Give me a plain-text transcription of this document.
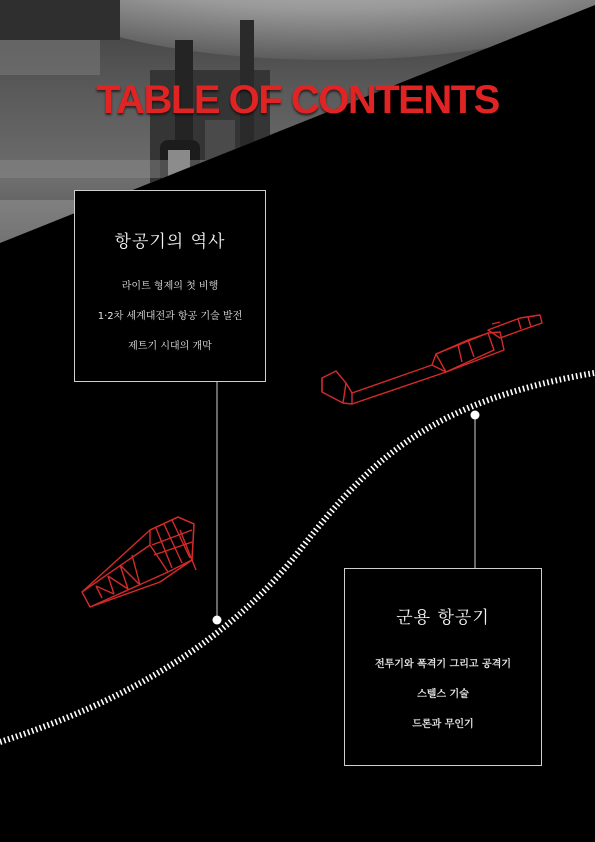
TABLE OF CONTENTS
항공기의 역사
라이트 형제의 첫 비행
1·2차 세계대전과 항공 기술 발전
제트기 시대의 개막
군용 항공기
전투기와 폭격기 그리고 공격기
스텔스 기술
드론과 무인기
